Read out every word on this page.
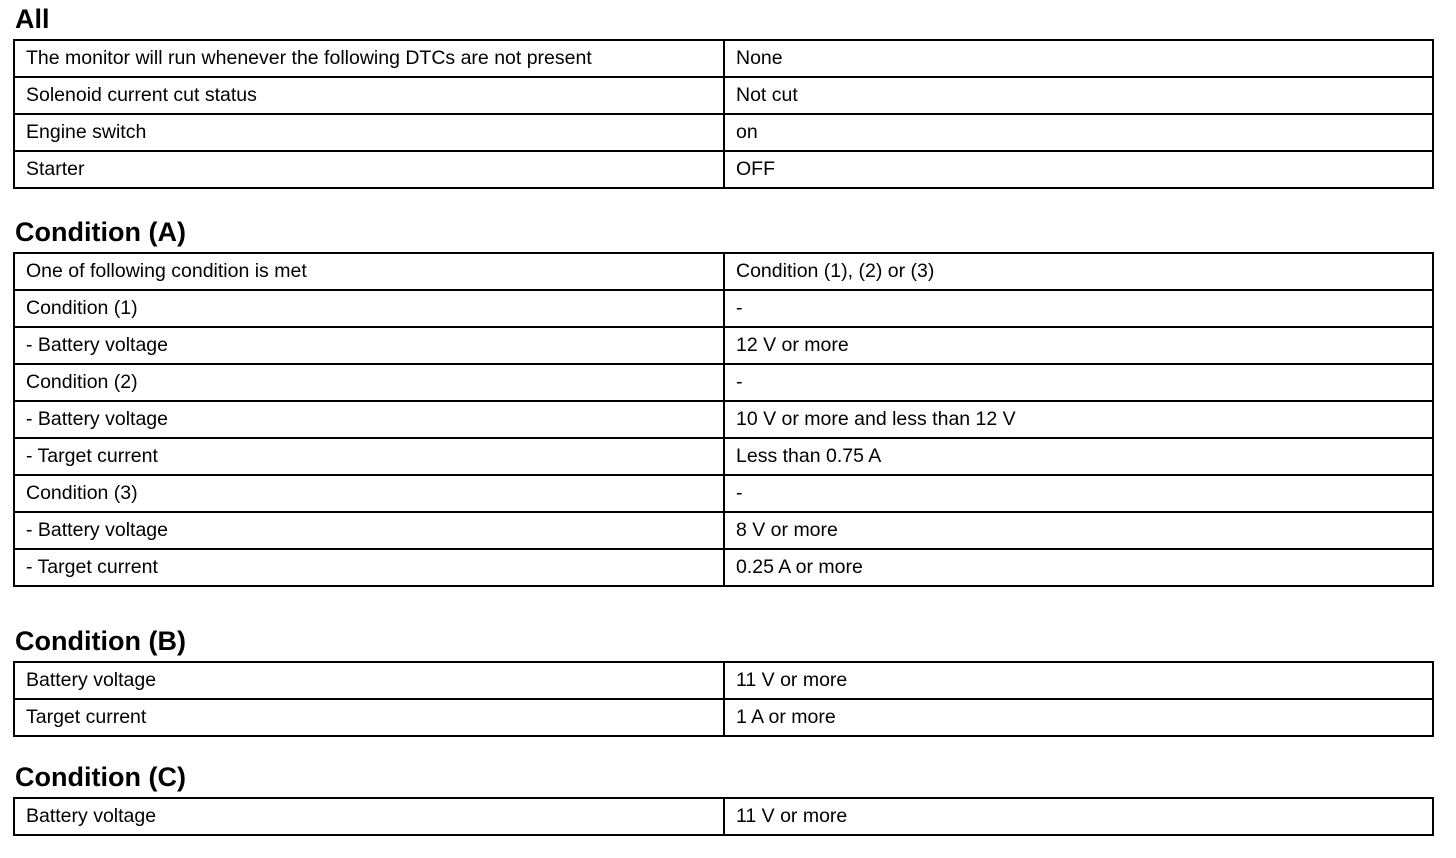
All
The monitor will run whenever the following DTCs are not present	None
Solenoid current cut status	Not cut
Engine switch	on
Starter	OFF
Condition (A)
One of following condition is met	Condition (1), (2) or (3)
Condition (1)	-
- Battery voltage	12 V or more
Condition (2)	-
- Battery voltage	10 V or more and less than 12 V
- Target current	Less than 0.75 A
Condition (3)	-
- Battery voltage	8 V or more
- Target current	0.25 A or more
Condition (B)
Battery voltage	11 V or more
Target current	1 A or more
Condition (C)
Battery voltage	11 V or more
